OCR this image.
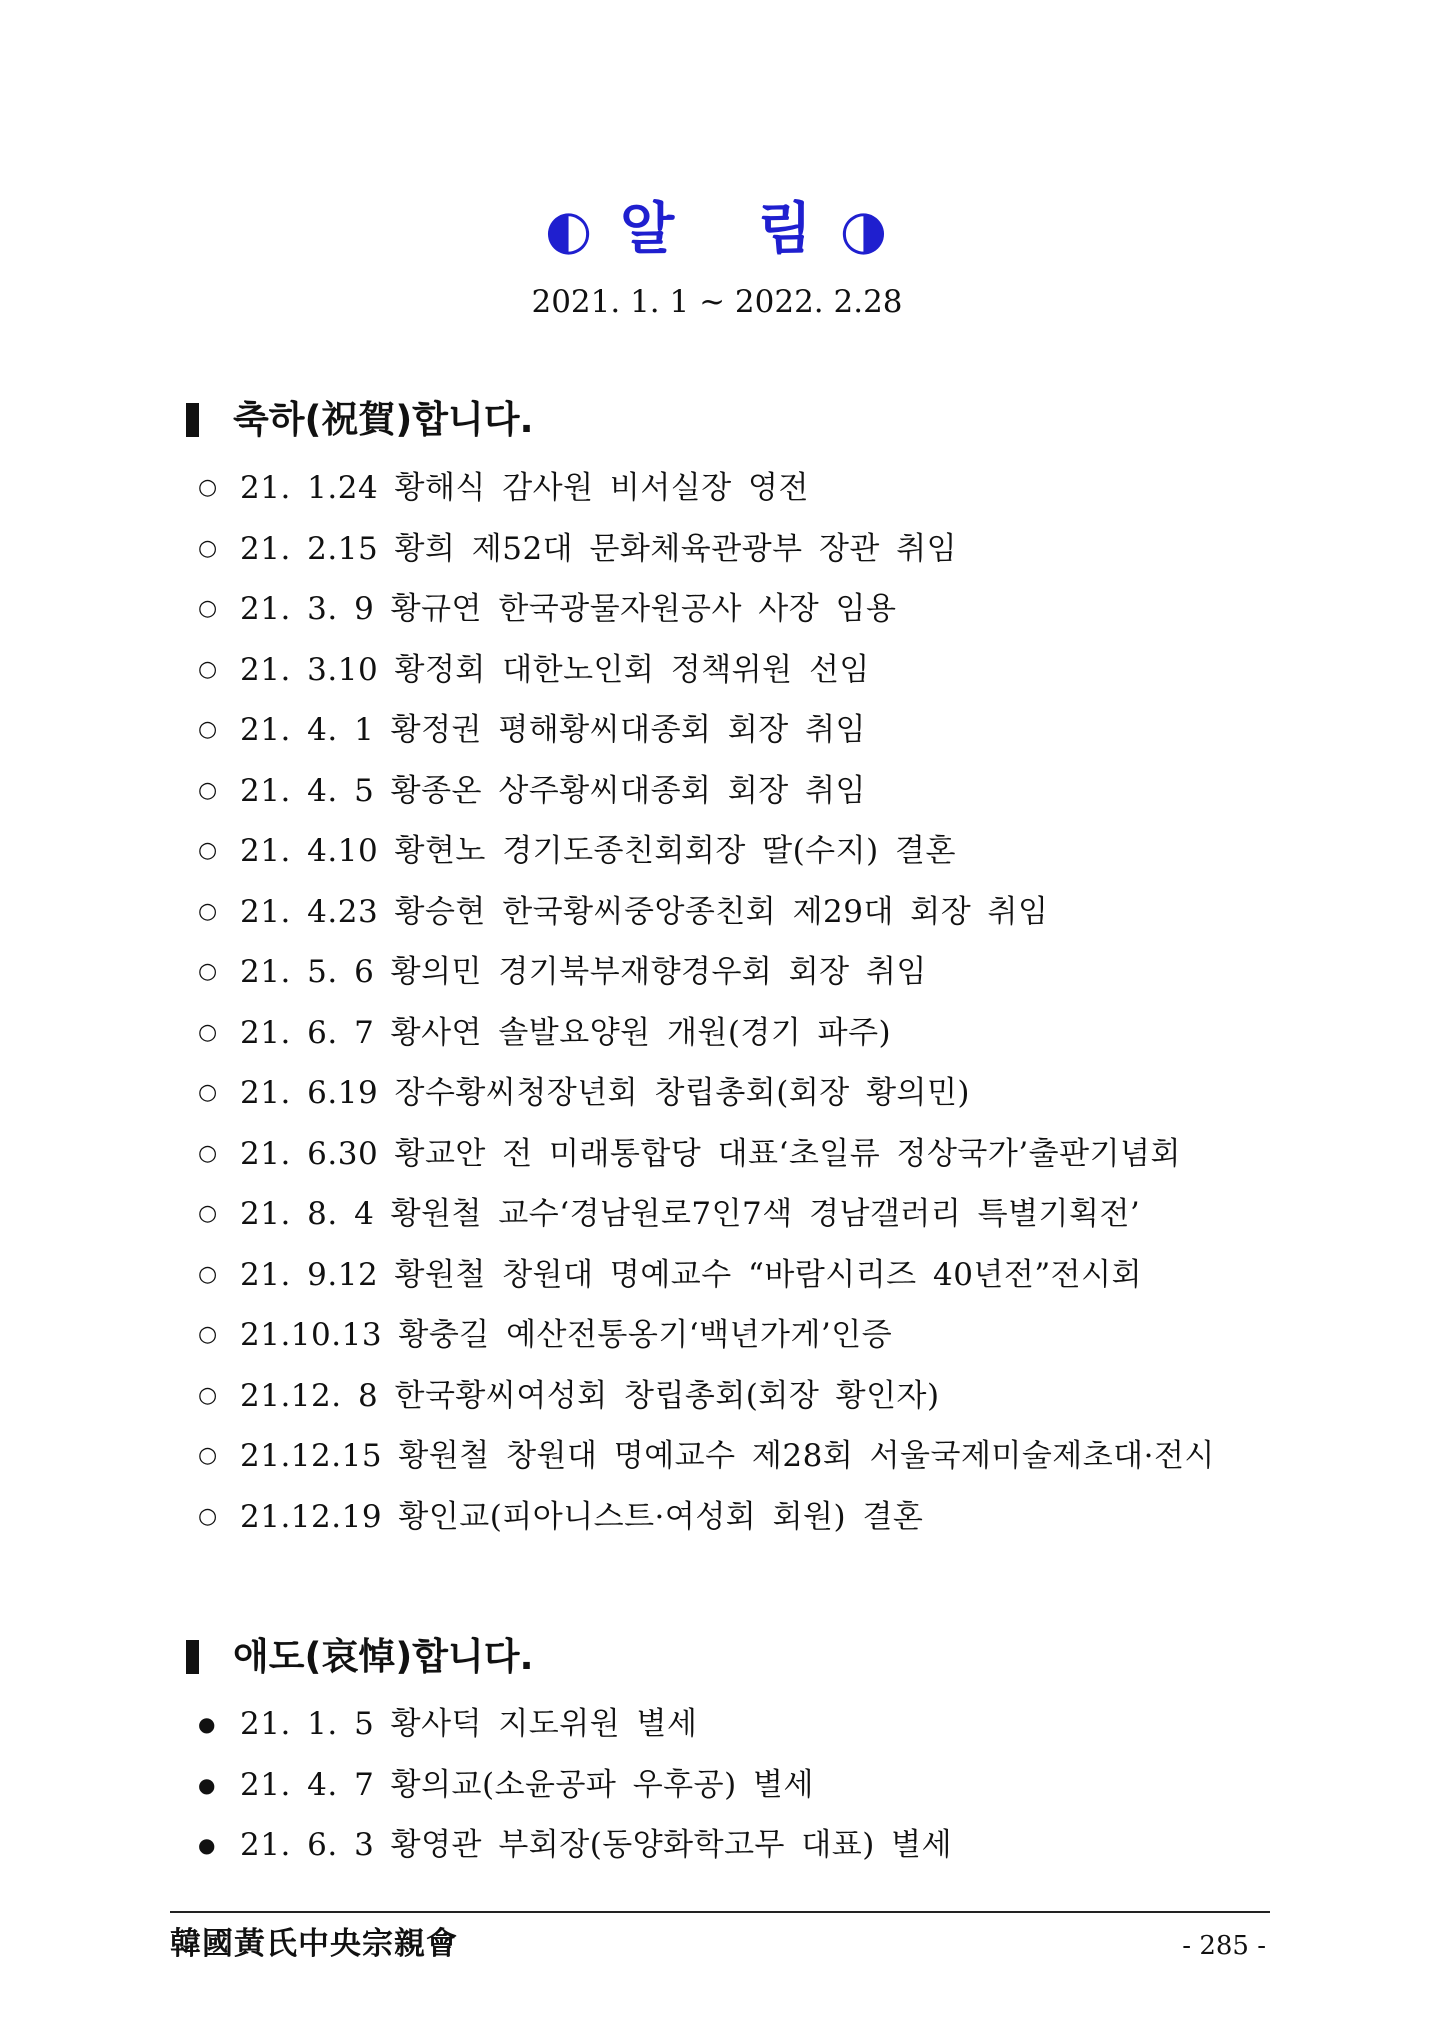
◐ 알 림 ◑
2021. 1. 1 ~ 2022. 2.28
축하(祝賀)합니다.
○ 21. 1.24 황해식 감사원 비서실장 영전
○ 21. 2.15 황희 제52대 문화체육관광부 장관 취임
○ 21. 3. 9 황규연 한국광물자원공사 사장 임용
○ 21. 3.10 황정회 대한노인회 정책위원 선임
○ 21. 4. 1 황정권 평해황씨대종회 회장 취임
○ 21. 4. 5 황종온 상주황씨대종회 회장 취임
○ 21. 4.10 황현노 경기도종친회회장 딸(수지) 결혼
○ 21. 4.23 황승현 한국황씨중앙종친회 제29대 회장 취임
○ 21. 5. 6 황의민 경기북부재향경우회 회장 취임
○ 21. 6. 7 황사연 솔발요양원 개원(경기 파주)
○ 21. 6.19 장수황씨청장년회 창립총회(회장 황의민)
○ 21. 6.30 황교안 전 미래통합당 대표‘초일류 정상국가’출판기념회
○ 21. 8. 4 황원철 교수‘경남원로7인7색 경남갤러리 특별기획전’
○ 21. 9.12 황원철 창원대 명예교수 “바람시리즈 40년전”전시회
○ 21.10.13 황충길 예산전통옹기‘백년가게’인증
○ 21.12. 8 한국황씨여성회 창립총회(회장 황인자)
○ 21.12.15 황원철 창원대 명예교수 제28회 서울국제미술제초대·전시
○ 21.12.19 황인교(피아니스트·여성회 회원) 결혼
애도(哀悼)합니다.
● 21. 1. 5 황사덕 지도위원 별세
● 21. 4. 7 황의교(소윤공파 우후공) 별세
● 21. 6. 3 황영관 부회장(동양화학고무 대표) 별세
韓國黃氏中央宗親會	- 285 -
